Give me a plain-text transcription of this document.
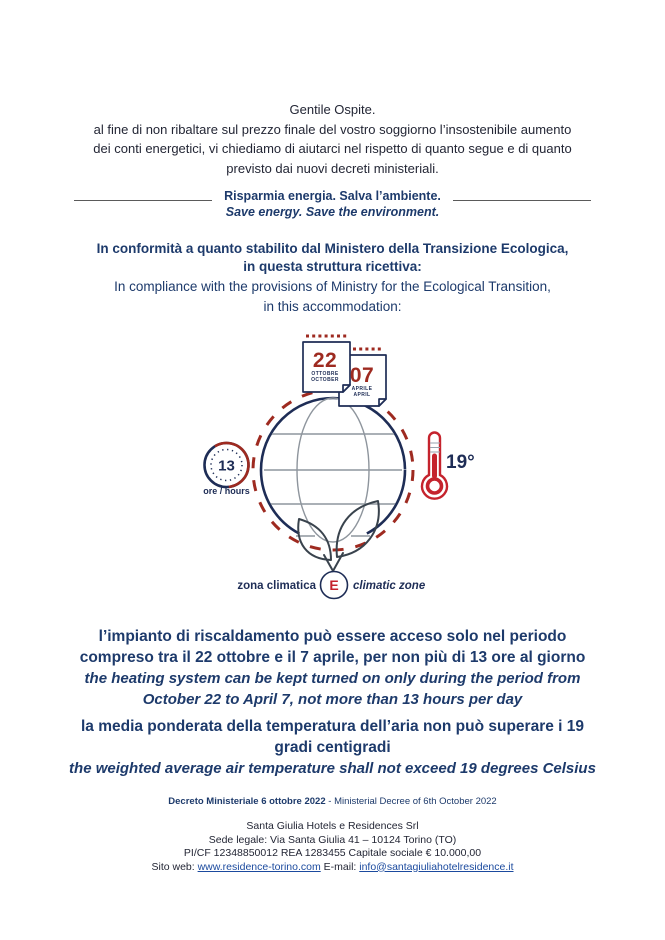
Gentile Ospite.
al fine di non ribaltare sul prezzo finale del vostro soggiorno l’insostenibile aumento
dei conti energetici, vi chiediamo di aiutarci nel rispetto di quanto segue e di quanto
previsto dai nuovi decreti ministeriali.
Risparmia energia. Salva l’ambiente.
Save energy. Save the environment.
In conformità a quanto stabilito dal Ministero della Transizione Ecologica,
in questa struttura ricettiva:
In compliance with the provisions of Ministry for the Ecological Transition,
in this accommodation:
22
OTTOBRE
OCTOBER 07
APRILE
APRIL
13
ore / hours
19°
zona climatica E climatic zone
l’impianto di riscaldamento può essere acceso solo nel periodo
compreso tra il 22 ottobre e il 7 aprile, per non più di 13 ore al giorno
the heating system can be kept turned on only during the period from
October 22 to April 7, not more than 13 hours per day
la media ponderata della temperatura dell’aria non può superare i 19
gradi centigradi
the weighted average air temperature shall not exceed 19 degrees Celsius
Decreto Ministeriale 6 ottobre 2022 - Ministerial Decree of 6th October 2022
Santa Giulia Hotels e Residences Srl
Sede legale: Via Santa Giulia 41 – 10124 Torino (TO)
PI/CF 12348850012 REA 1283455 Capitale sociale € 10.000,00
Sito web: www.residence-torino.com E-mail: info@santagiuliahotelresidence.it
